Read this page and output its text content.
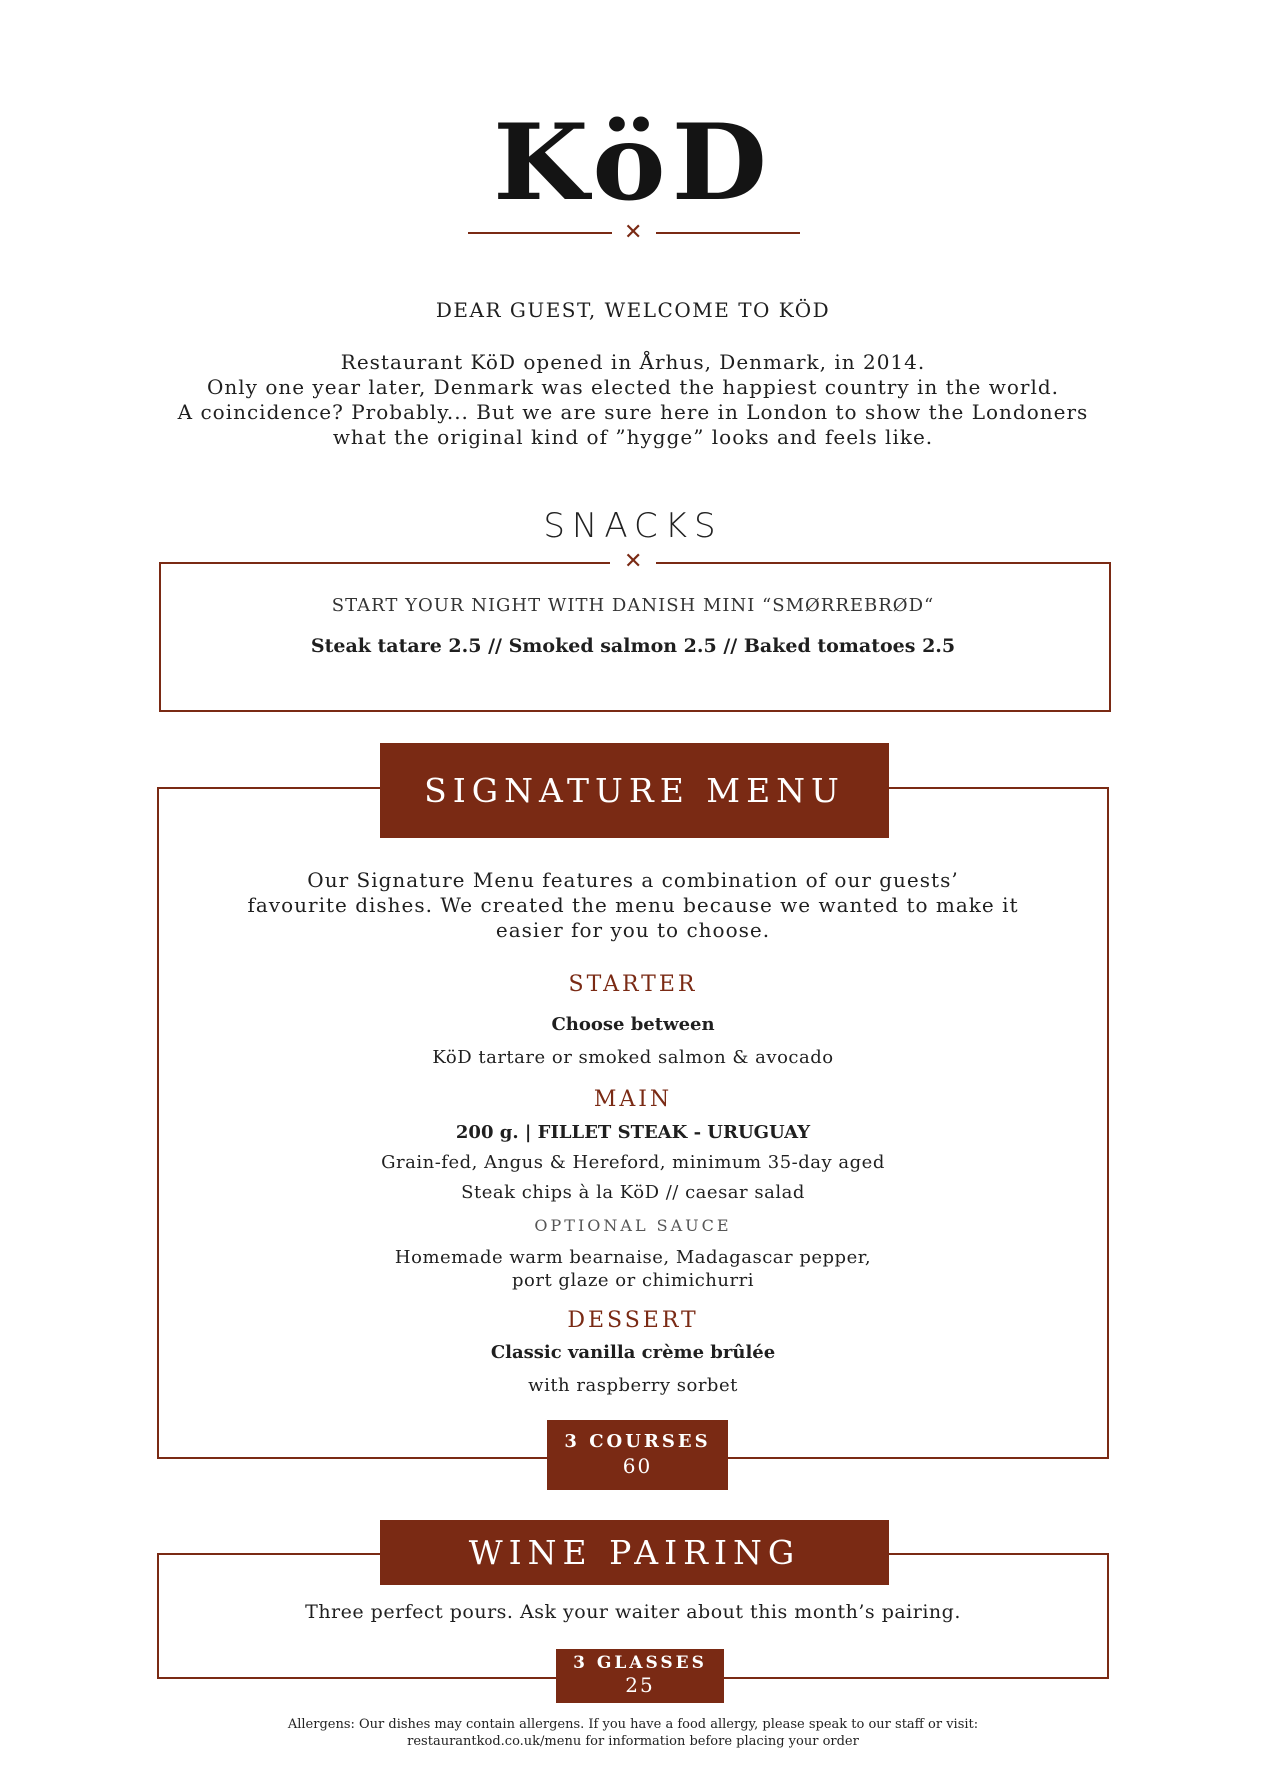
KöD
✕
DEAR GUEST, WELCOME TO KÖD
Restaurant KöD opened in Århus, Denmark, in 2014.
Only one year later, Denmark was elected the happiest country in the world.
A coincidence? Probably... But we are sure here in London to show the Londoners
what the original kind of ”hygge” looks and feels like.
SNACKS
✕
START YOUR NIGHT WITH DANISH MINI “SMØRREBRØD“
Steak tatare 2.5 // Smoked salmon 2.5 // Baked tomatoes 2.5
SIGNATURE MENU
Our Signature Menu features a combination of our guests’
favourite dishes. We created the menu because we wanted to make it
easier for you to choose.
STARTER
Choose between
KöD tartare or smoked salmon & avocado
MAIN
200 g. | FILLET STEAK - URUGUAY
Grain-fed, Angus & Hereford, minimum 35-day aged
Steak chips à la KöD // caesar salad
OPTIONAL SAUCE
Homemade warm bearnaise, Madagascar pepper,
port glaze or chimichurri
DESSERT
Classic vanilla crème brûlée
with raspberry sorbet
3 COURSES
60
WINE PAIRING
Three perfect pours. Ask your waiter about this month’s pairing.
3 GLASSES
25
Allergens: Our dishes may contain allergens. If you have a food allergy, please speak to our staff or visit:
restaurantkod.co.uk/menu for information before placing your order
